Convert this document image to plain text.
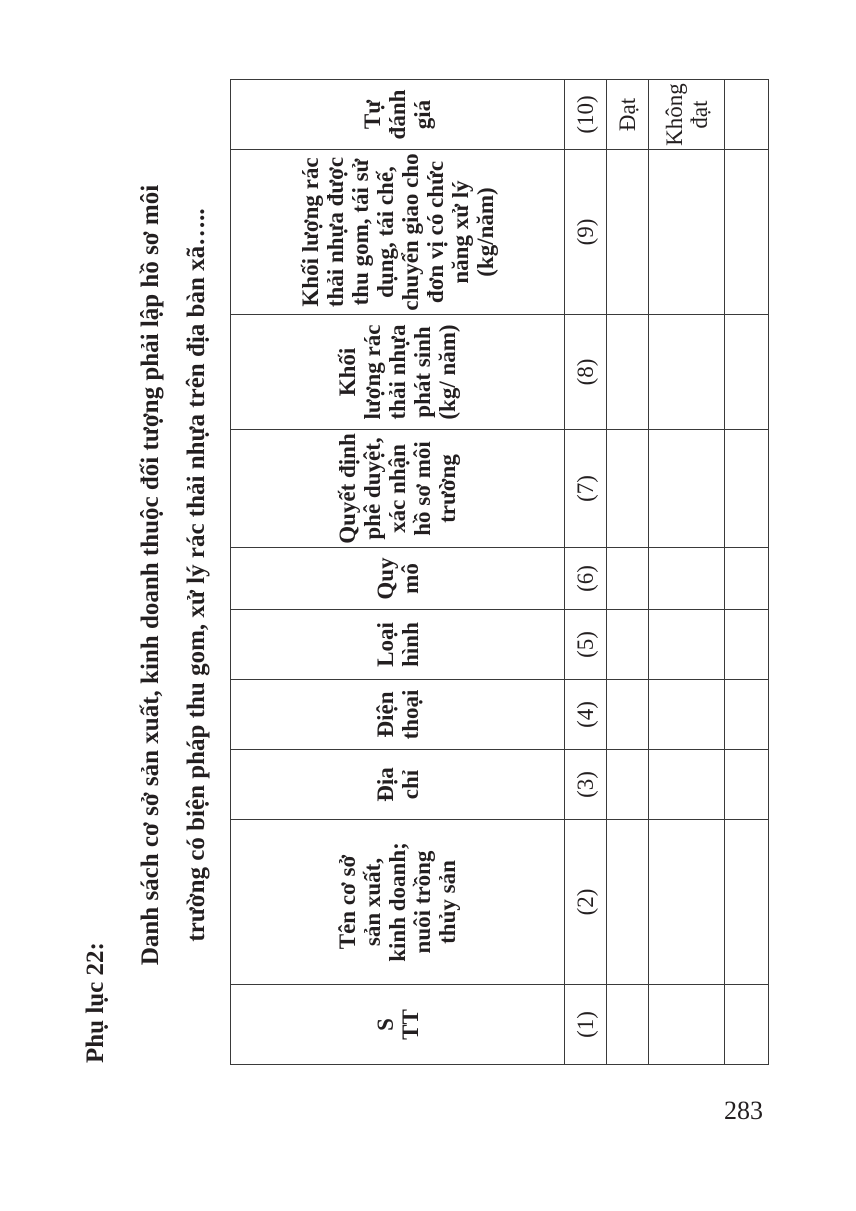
Phụ lục 22:

Danh sách cơ sở sản xuất, kinh doanh thuộc đối tượng phải lập hồ sơ môi trường có biện pháp thu gom, xử lý rác thải nhựa trên địa bàn xã…..
S TT	Tên cơ sở sản xuất, kinh doanh; nuôi trồng thủy sản	Địa chỉ	Điện thoại	Loại hình	Quy mô	Quyết định phê duyệt, xác nhận hồ sơ môi trường	Khối lượng rác thải nhựa phát sinh (kg/ năm)	Khối lượng rác thải nhựa được thu gom, tái sử dụng, tái chế, chuyển giao cho đơn vị có chức năng xử lý (kg/năm)	Tự đánh giá
(1)	(2)	(3)	(4)	(5)	(6)	(7)	(8)	(9)	(10)
									Đạt
									Không đạt

283
